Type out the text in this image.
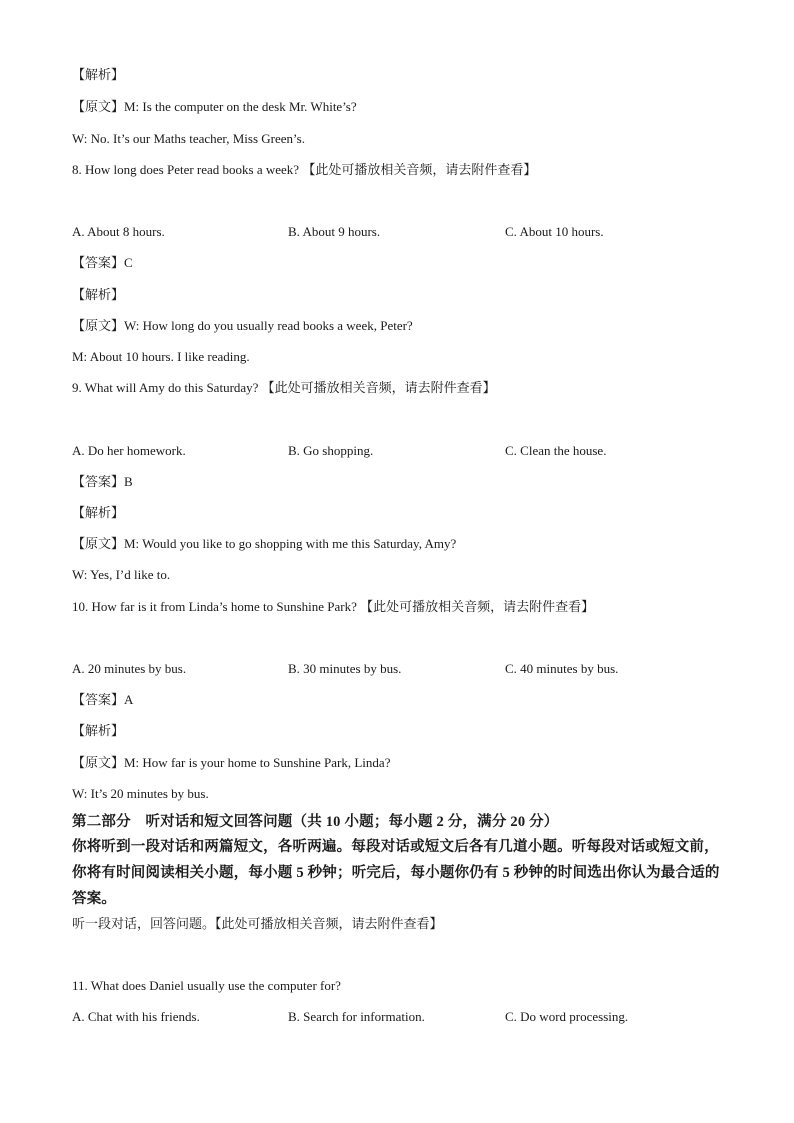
【解析】
【原文】M: Is the computer on the desk Mr. White’s?
W: No. It’s our Maths teacher, Miss Green’s.
8. How long does Peter read books a week? 【此处可播放相关音频，请去附件查看】
A. About 8 hours.	B. About 9 hours.	C. About 10 hours.
【答案】C
【解析】
【原文】W: How long do you usually read books a week, Peter?
M: About 10 hours. I like reading.
9. What will Amy do this Saturday? 【此处可播放相关音频，请去附件查看】
A. Do her homework.	B. Go shopping.	C. Clean the house.
【答案】B
【解析】
【原文】M: Would you like to go shopping with me this Saturday, Amy?
W: Yes, I’d like to.
10. How far is it from Linda’s home to Sunshine Park? 【此处可播放相关音频，请去附件查看】
A. 20 minutes by bus.	B. 30 minutes by bus.	C. 40 minutes by bus.
【答案】A
【解析】
【原文】M: How far is your home to Sunshine Park, Linda?
W: It’s 20 minutes by bus.
第二部分　听对话和短文回答问题（共 10 小题；每小题 2 分，满分 20 分）
你将听到一段对话和两篇短文，各听两遍。每段对话或短文后各有几道小题。听每段对话或短文前，你将有时间阅读相关小题，每小题 5 秒钟；听完后，每小题你仍有 5 秒钟的时间选出你认为最合适的答案。
听一段对话，回答问题。【此处可播放相关音频，请去附件查看】
11. What does Daniel usually use the computer for?
A. Chat with his friends.	B. Search for information.	C. Do word processing.
